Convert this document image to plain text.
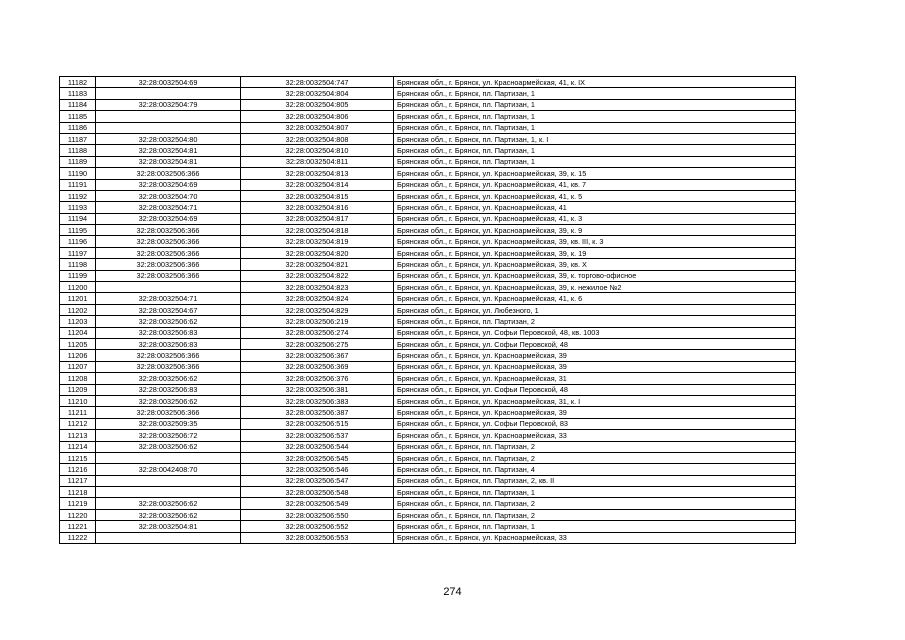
11182	32:28:0032504:69	32:28:0032504:747	Брянская обл., г. Брянск, ул. Красноармейская, 41, к. IX
11183		32:28:0032504:804	Брянская обл., г. Брянск, пл. Партизан, 1
11184	32:28:0032504:79	32:28:0032504:805	Брянская обл., г. Брянск, пл. Партизан, 1
11185		32:28:0032504:806	Брянская обл., г. Брянск, пл. Партизан, 1
11186		32:28:0032504:807	Брянская обл., г. Брянск, пл. Партизан, 1
11187	32:28:0032504:80	32:28:0032504:808	Брянская обл., г. Брянск, пл. Партизан, 1, к. I
11188	32:28:0032504:81	32:28:0032504:810	Брянская обл., г. Брянск, пл. Партизан, 1
11189	32:28:0032504:81	32:28:0032504:811	Брянская обл., г. Брянск, пл. Партизан, 1
11190	32:28:0032506:366	32:28:0032504:813	Брянская обл., г. Брянск, ул. Красноармейская, 39, к. 15
11191	32:28:0032504:69	32:28:0032504:814	Брянская обл., г. Брянск, ул. Красноармейская, 41, кв. 7
11192	32:28:0032504:70	32:28:0032504:815	Брянская обл., г. Брянск, ул. Красноармейская, 41, к. 5
11193	32:28:0032504:71	32:28:0032504:816	Брянская обл., г. Брянск, ул. Красноармейская, 41
11194	32:28:0032504:69	32:28:0032504:817	Брянская обл., г. Брянск, ул. Красноармейская, 41, к. 3
11195	32:28:0032506:366	32:28:0032504:818	Брянская обл., г. Брянск, ул. Красноармейская, 39, к. 9
11196	32:28:0032506:366	32:28:0032504:819	Брянская обл., г. Брянск, ул. Красноармейская, 39, кв. III, к. 3
11197	32:28:0032506:366	32:28:0032504:820	Брянская обл., г. Брянск, ул. Красноармейская, 39, к. 19
11198	32:28:0032506:366	32:28:0032504:821	Брянская обл., г. Брянск, ул. Красноармейская, 39, кв. X
11199	32:28:0032506:366	32:28:0032504:822	Брянская обл., г. Брянск, ул. Красноармейская, 39, к. торгово-офисное
11200		32:28:0032504:823	Брянская обл., г. Брянск, ул. Красноармейская, 39, к. нежилое №2
11201	32:28:0032504:71	32:28:0032504:824	Брянская обл., г. Брянск, ул. Красноармейская, 41, к. 6
11202	32:28:0032504:67	32:28:0032504:829	Брянская обл., г. Брянск, ул. Любезного, 1
11203	32:28:0032506:62	32:28:0032506:219	Брянская обл., г. Брянск, пл. Партизан, 2
11204	32:28:0032506:83	32:28:0032506:274	Брянская обл., г. Брянск, ул. Софьи Перовской, 48, кв. 1003
11205	32:28:0032506:83	32:28:0032506:275	Брянская обл., г. Брянск, ул. Софьи Перовской, 48
11206	32:28:0032506:366	32:28:0032506:367	Брянская обл., г. Брянск, ул. Красноармейская, 39
11207	32:28:0032506:366	32:28:0032506:369	Брянская обл., г. Брянск, ул. Красноармейская, 39
11208	32:28:0032506:62	32:28:0032506:376	Брянская обл., г. Брянск, ул. Красноармейская, 31
11209	32:28:0032506:83	32:28:0032506:381	Брянская обл., г. Брянск, ул. Софьи Перовской, 48
11210	32:28:0032506:62	32:28:0032506:383	Брянская обл., г. Брянск, ул. Красноармейская, 31, к. I
11211	32:28:0032506:366	32:28:0032506:387	Брянская обл., г. Брянск, ул. Красноармейская, 39
11212	32:28:0032509:35	32:28:0032506:515	Брянская обл., г. Брянск, ул. Софьи Перовской, 83
11213	32:28:0032506:72	32:28:0032506:537	Брянская обл., г. Брянск, ул. Красноармейская, 33
11214	32:28:0032506:62	32:28:0032506:544	Брянская обл., г. Брянск, пл. Партизан, 2
11215		32:28:0032506:545	Брянская обл., г. Брянск, пл. Партизан, 2
11216	32:28:0042408:70	32:28:0032506:546	Брянская обл., г. Брянск, пл. Партизан, 4
11217		32:28:0032506:547	Брянская обл., г. Брянск, пл. Партизан, 2, кв. II
11218		32:28:0032506:548	Брянская обл., г. Брянск, пл. Партизан, 1
11219	32:28:0032506:62	32:28:0032506:549	Брянская обл., г. Брянск, пл. Партизан, 2
11220	32:28:0032506:62	32:28:0032506:550	Брянская обл., г. Брянск, пл. Партизан, 2
11221	32:28:0032504:81	32:28:0032506:552	Брянская обл., г. Брянск, пл. Партизан, 1
11222		32:28:0032506:553	Брянская обл., г. Брянск, ул. Красноармейская, 33
274
